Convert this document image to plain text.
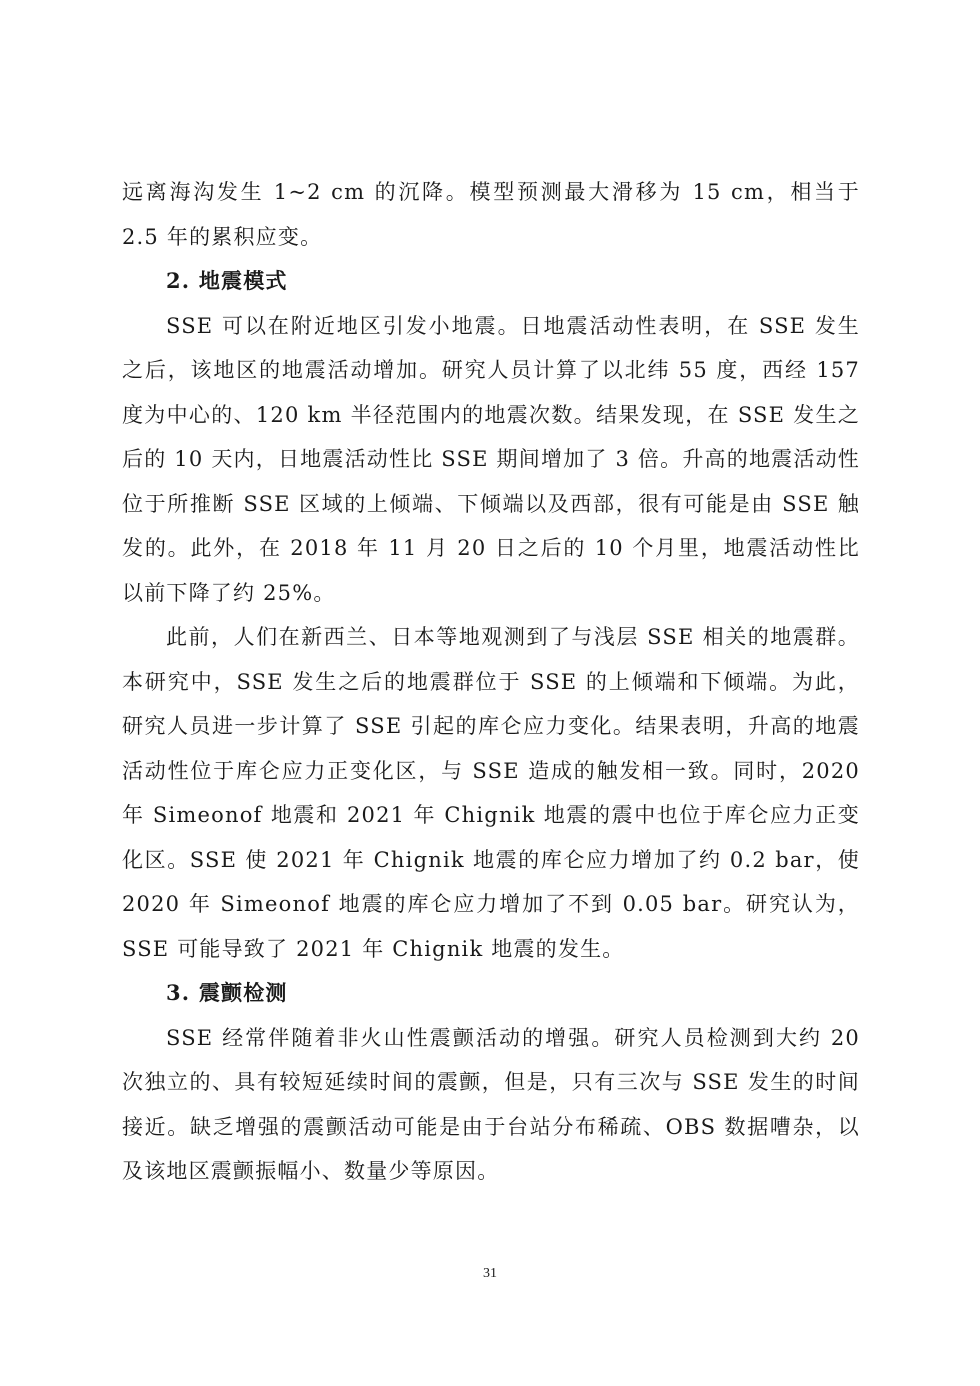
远离海沟发生 1~2 cm 的沉降。模型预测最大滑移为 15 cm，相当于 2.5 年的累积应变。

2. 地震模式

SSE 可以在附近地区引发小地震。日地震活动性表明，在 SSE 发生之后，该地区的地震活动增加。研究人员计算了以北纬 55 度，西经 157 度为中心的、120 km 半径范围内的地震次数。结果发现，在 SSE 发生之后的 10 天内，日地震活动性比 SSE 期间增加了 3 倍。升高的地震活动性位于所推断 SSE 区域的上倾端、下倾端以及西部，很有可能是由 SSE 触发的。此外，在 2018 年 11 月 20 日之后的 10 个月里，地震活动性比以前下降了约 25%。

此前，人们在新西兰、日本等地观测到了与浅层 SSE 相关的地震群。本研究中，SSE 发生之后的地震群位于 SSE 的上倾端和下倾端。为此，研究人员进一步计算了 SSE 引起的库仑应力变化。结果表明，升高的地震活动性位于库仑应力正变化区，与 SSE 造成的触发相一致。同时，2020 年 Simeonof 地震和 2021 年 Chignik 地震的震中也位于库仑应力正变化区。SSE 使 2021 年 Chignik 地震的库仑应力增加了约 0.2 bar，使 2020 年 Simeonof 地震的库仑应力增加了不到 0.05 bar。研究认为，SSE 可能导致了 2021 年 Chignik 地震的发生。

3. 震颤检测

SSE 经常伴随着非火山性震颤活动的增强。研究人员检测到大约 20 次独立的、具有较短延续时间的震颤，但是，只有三次与 SSE 发生的时间接近。缺乏增强的震颤活动可能是由于台站分布稀疏、OBS 数据嘈杂，以及该地区震颤振幅小、数量少等原因。

31
